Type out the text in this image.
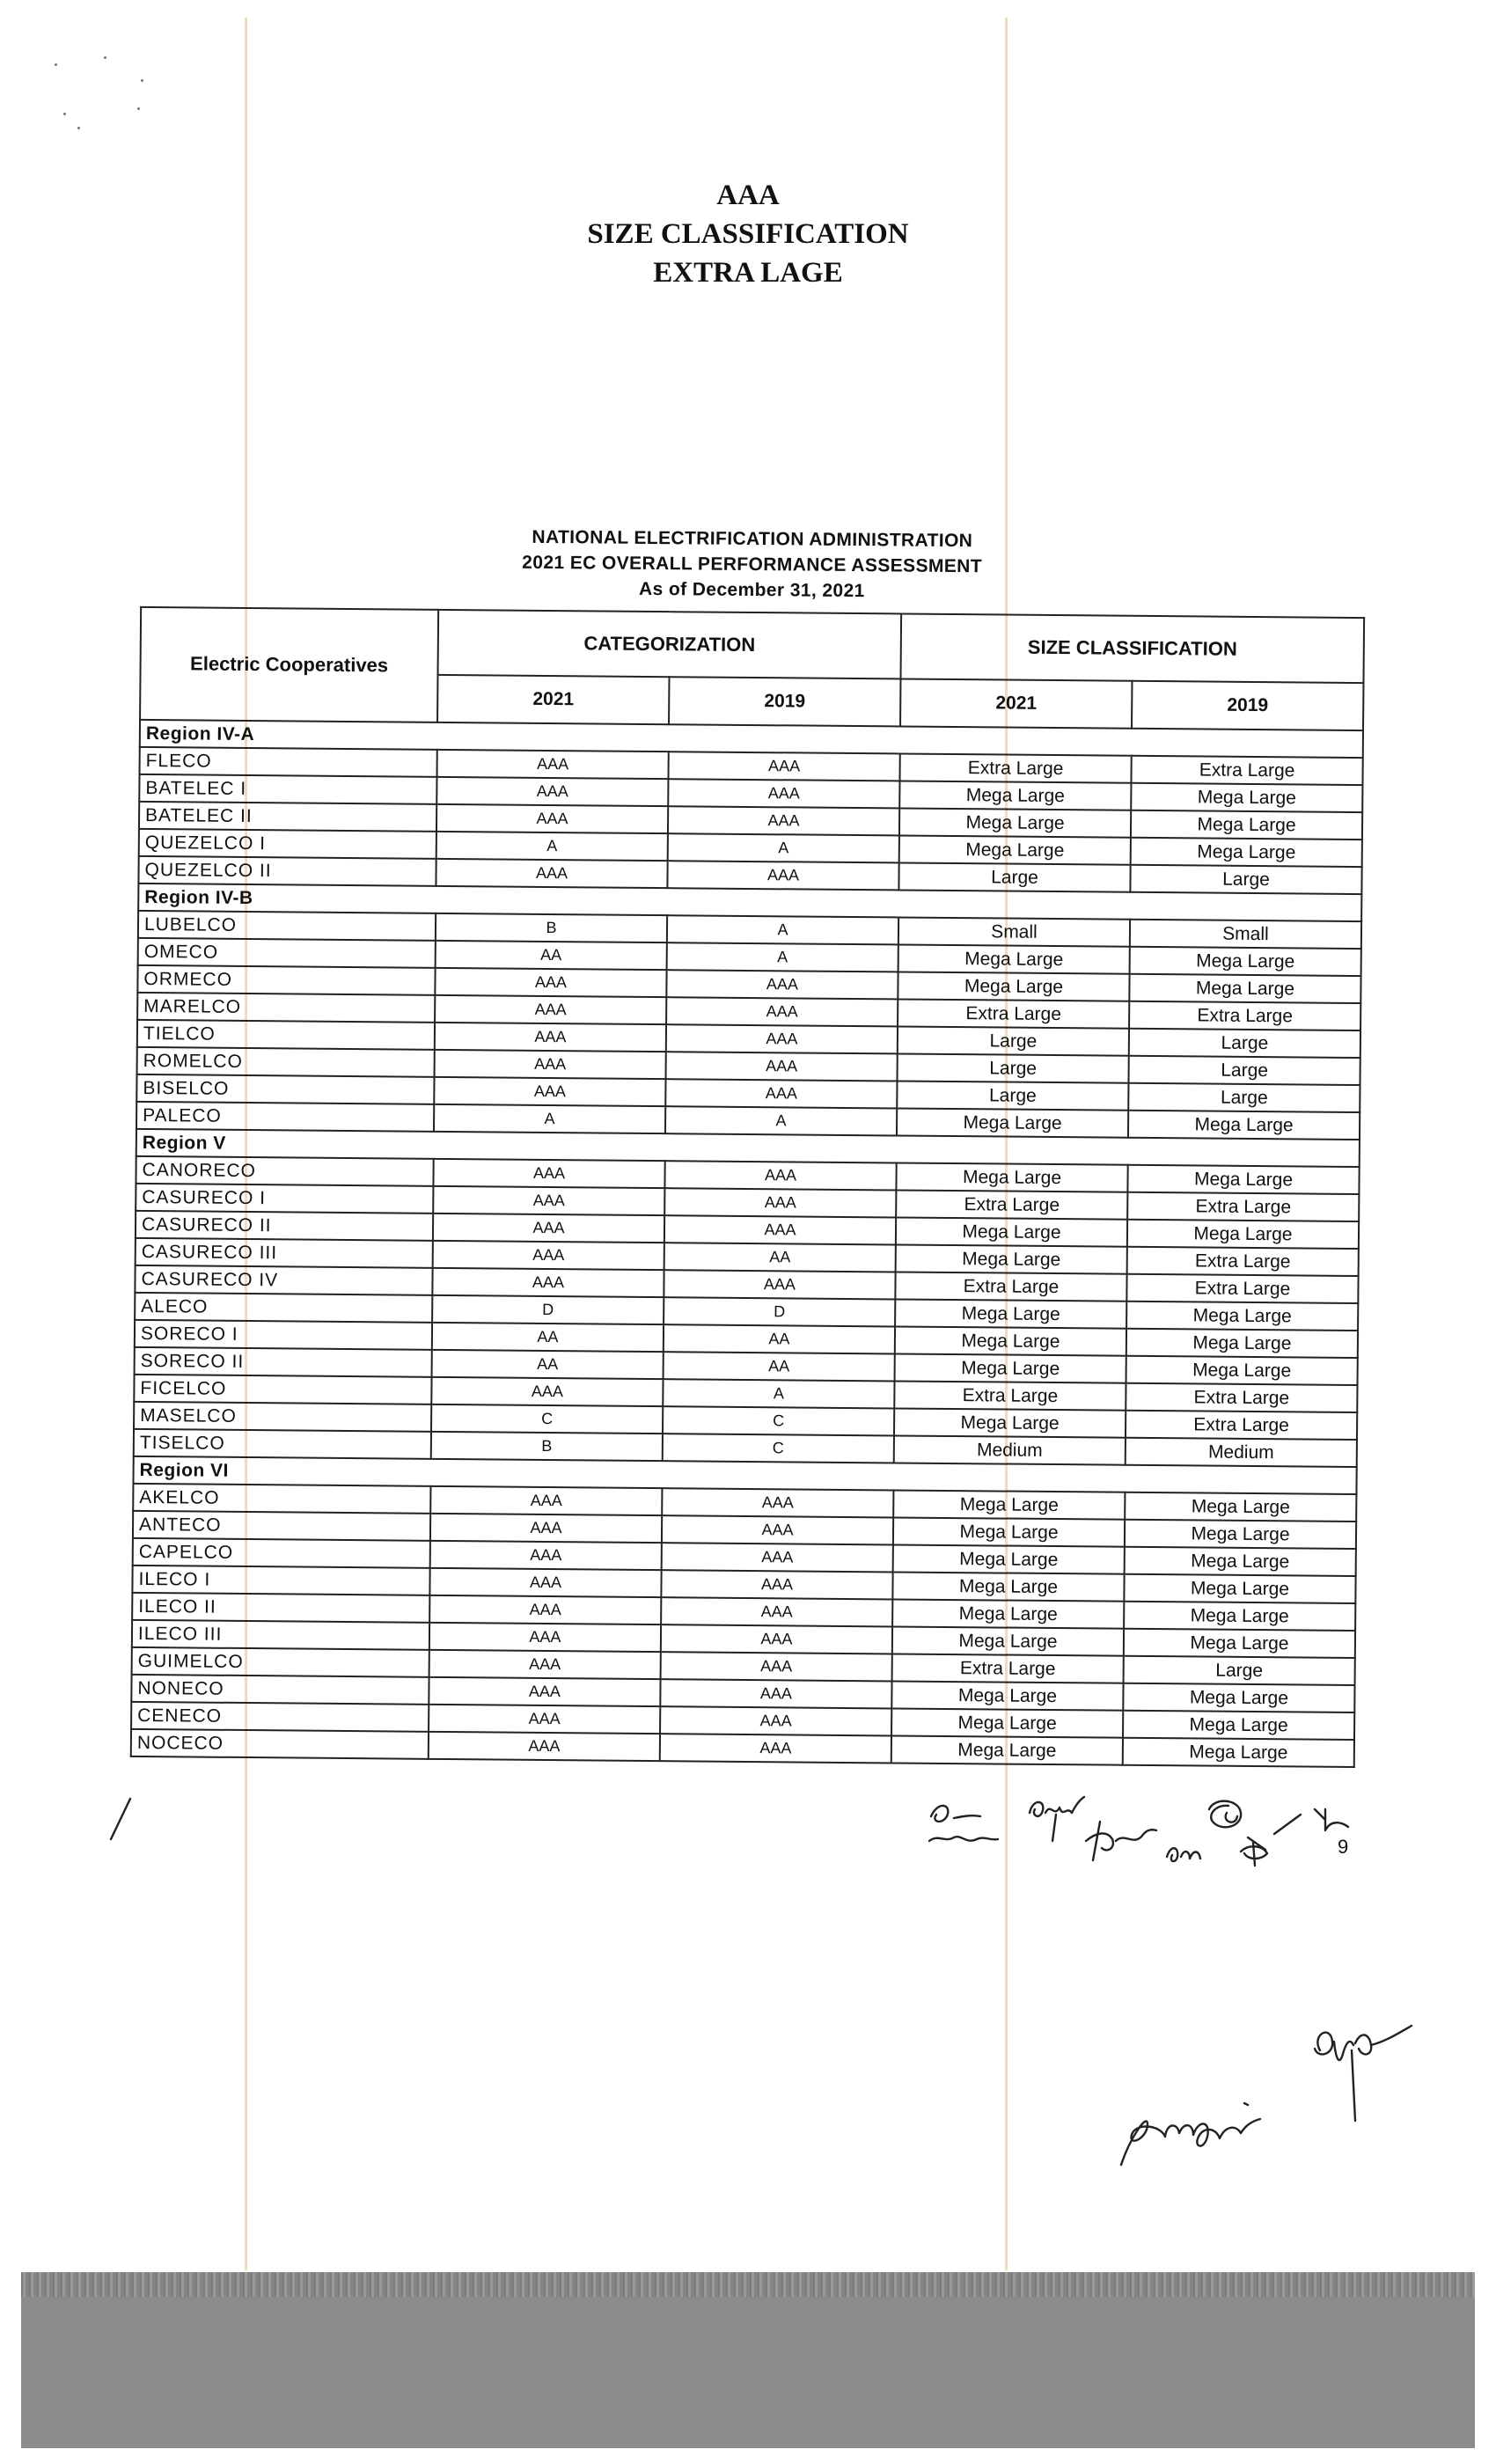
AAA
SIZE CLASSIFICATION
EXTRA LAGE
NATIONAL ELECTRIFICATION ADMINISTRATION
2021 EC OVERALL PERFORMANCE ASSESSMENT
As of December 31, 2021
Electric Cooperatives	CATEGORIZATION		SIZE CLASSIFICATION	
	2021	2019	2021	2019
Region IV-A				
FLECO	AAA	AAA	Extra Large	Extra Large
BATELEC I	AAA	AAA	Mega Large	Mega Large
BATELEC II	AAA	AAA	Mega Large	Mega Large
QUEZELCO I	A	A	Mega Large	Mega Large
QUEZELCO II	AAA	AAA	Large	Large
Region IV-B				
LUBELCO	B	A	Small	Small
OMECO	AA	A	Mega Large	Mega Large
ORMECO	AAA	AAA	Mega Large	Mega Large
MARELCO	AAA	AAA	Extra Large	Extra Large
TIELCO	AAA	AAA	Large	Large
ROMELCO	AAA	AAA	Large	Large
BISELCO	AAA	AAA	Large	Large
PALECO	A	A	Mega Large	Mega Large
Region V				
CANORECO	AAA	AAA	Mega Large	Mega Large
CASURECO I	AAA	AAA	Extra Large	Extra Large
CASURECO II	AAA	AAA	Mega Large	Mega Large
CASURECO III	AAA	AA	Mega Large	Extra Large
CASURECO IV	AAA	AAA	Extra Large	Extra Large
ALECO	D	D	Mega Large	Mega Large
SORECO I	AA	AA	Mega Large	Mega Large
SORECO II	AA	AA	Mega Large	Mega Large
FICELCO	AAA	A	Extra Large	Extra Large
MASELCO	C	C	Mega Large	Extra Large
TISELCO	B	C	Medium	Medium
Region VI				
AKELCO	AAA	AAA	Mega Large	Mega Large
ANTECO	AAA	AAA	Mega Large	Mega Large
CAPELCO	AAA	AAA	Mega Large	Mega Large
ILECO I	AAA	AAA	Mega Large	Mega Large
ILECO II	AAA	AAA	Mega Large	Mega Large
ILECO III	AAA	AAA	Mega Large	Mega Large
GUIMELCO	AAA	AAA	Extra Large	Large
NONECO	AAA	AAA	Mega Large	Mega Large
CENECO	AAA	AAA	Mega Large	Mega Large
NOCECO	AAA	AAA	Mega Large	Mega Large
9
